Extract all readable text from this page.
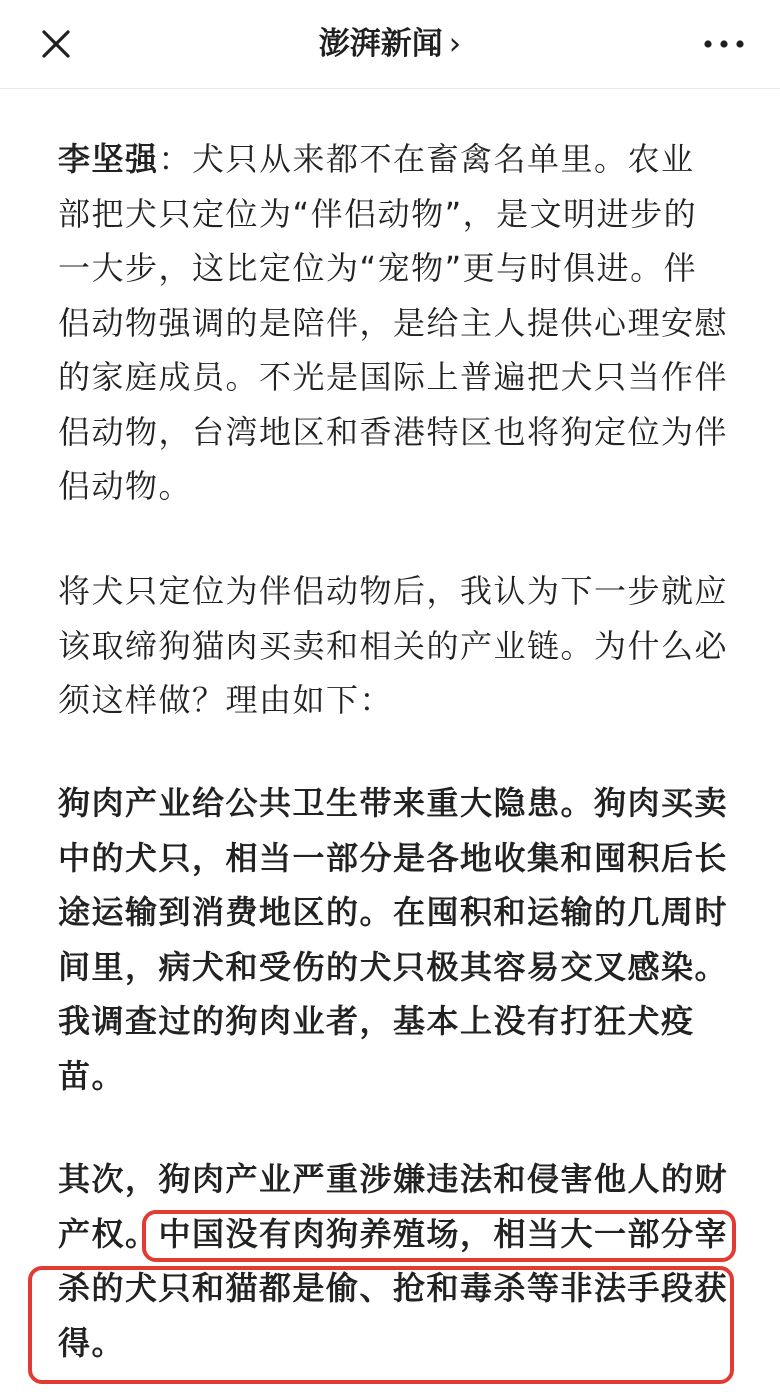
澎湃新闻 ›

李坚强：犬只从来都不在畜禽名单里。农业部把犬只定位为“伴侣动物”，是文明进步的一大步，这比定位为“宠物”更与时俱进。伴侣动物强调的是陪伴，是给主人提供心理安慰的家庭成员。不光是国际上普遍把犬只当作伴侣动物，台湾地区和香港特区也将狗定位为伴侣动物。

将犬只定位为伴侣动物后，我认为下一步就应该取缔狗猫肉买卖和相关的产业链。为什么必须这样做？理由如下：

狗肉产业给公共卫生带来重大隐患。狗肉买卖中的犬只，相当一部分是各地收集和囤积后长途运输到消费地区的。在囤积和运输的几周时间里，病犬和受伤的犬只极其容易交叉感染。我调查过的狗肉业者，基本上没有打狂犬疫苗。

其次，狗肉产业严重涉嫌违法和侵害他人的财产权。中国没有肉狗养殖场，相当大一部分宰杀的犬只和猫都是偷、抢和毒杀等非法手段获得。
